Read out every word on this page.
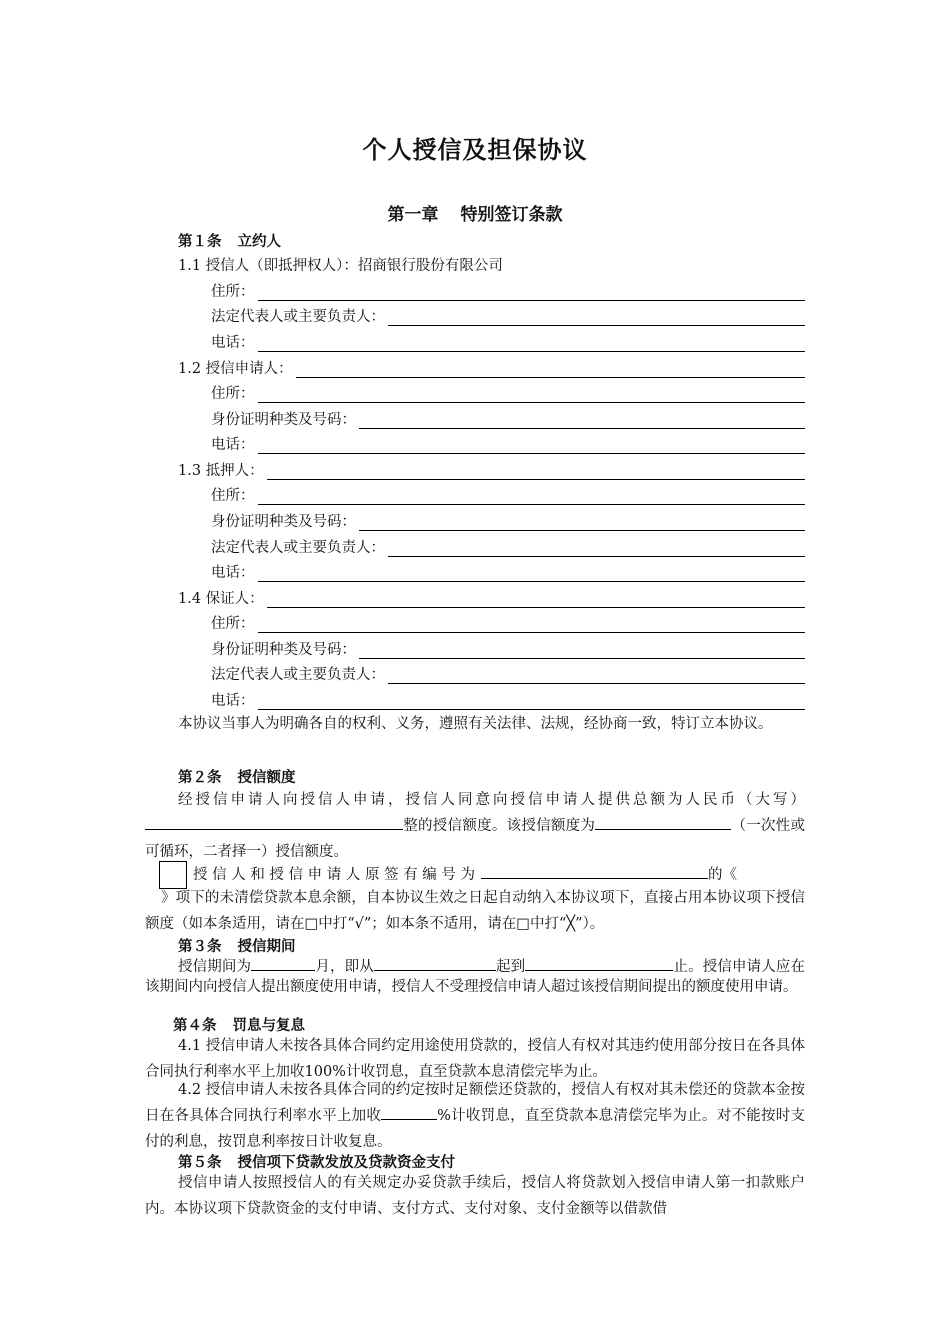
个人授信及担保协议
第一章 特别签订条款
第１条 立约人
1.1 授信人（即抵押权人）： 招商银行股份有限公司
住所：
法定代表人或主要负责人：
电话：
1.2 授信申请人：
住所：
身份证明种类及号码：
电话：
1.3 抵押人：
住所：
身份证明种类及号码：
法定代表人或主要负责人：
电话：
1.4 保证人：
住所：
身份证明种类及号码：
法定代表人或主要负责人：
电话：
本协议当事人为明确各自的权利、义务，遵照有关法律、法规，经协商一致，特订立本协议。
第２条 授信额度
经授信申请人向授信人申请，授信人同意向授信申请人提供总额为人民币（大写）整的授信额度。该授信额度为	（一次性或可循环，二者择一）授信额度。
授 信 人 和 授 信 申 请 人 原 签 有 编 号 为	的《
》项下的未清偿贷款本息余额，自本协议生效之日起自动纳入本协议项下，直接占用本协议项下授信额度（如本条适用，请在□中打“√”；如本条不适用，请在□中打“╳”）。
第３条 授信期间
授信期间为	月，即从	起到	止。授信申请人应在该期间内向授信人提出额度使用申请，授信人不受理授信申请人超过该授信期间提出的额度使用申请。
第４条 罚息与复息
4.1 授信申请人未按各具体合同约定用途使用贷款的，授信人有权对其违约使用部分按日在各具体合同执行利率水平上加收100%计收罚息，直至贷款本息清偿完毕为止。
4.2 授信申请人未按各具体合同的约定按时足额偿还贷款的，授信人有权对其未偿还的贷款本金按日在各具体合同执行利率水平上加收	%计收罚息，直至贷款本息清偿完毕为止。对不能按时支付的利息，按罚息利率按日计收复息。
第５条 授信项下贷款发放及贷款资金支付
授信申请人按照授信人的有关规定办妥贷款手续后，授信人将贷款划入授信申请人第一扣款账户内。本协议项下贷款资金的支付申请、支付方式、支付对象、支付金额等以借款借
